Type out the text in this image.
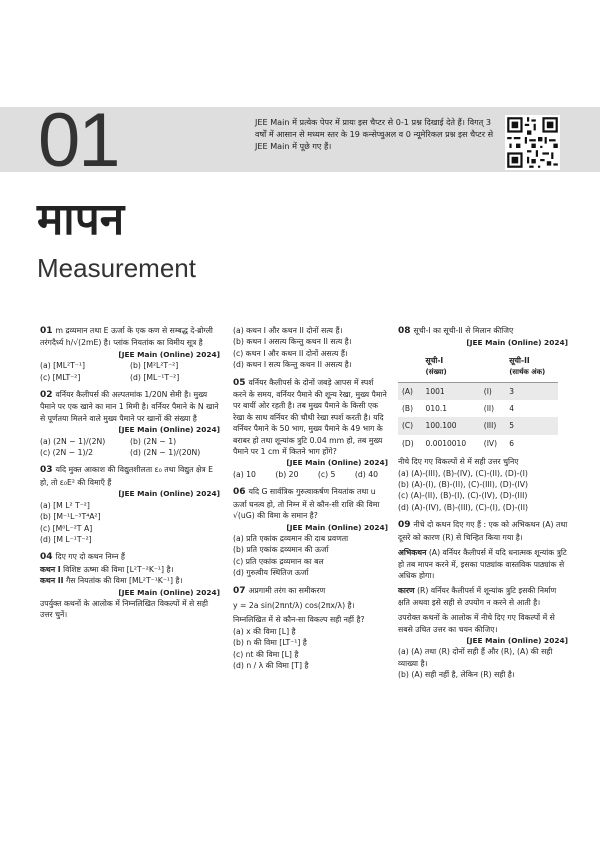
01	JEE Main में प्रत्येक पेपर में प्रायः इस चैप्टर से 0-1 प्रश्न दिखाई देते हैं। विगत् 3 वर्षों में आसान से मध्यम स्तर के 19 कन्सेप्चुअल व 0 न्यूमेरिकल प्रश्न इस चैप्टर से JEE Main में पूछे गए हैं।
मापन
Measurement
01 m द्रव्यमान तथा E ऊर्जा के एक कण से सम्बद्ध दे-ब्रोग्ली तरंगदैर्ध्य h/√(2mE) है। प्लांक नियतांक का विमीय सूत्र है
[JEE Main (Online) 2024]
(a) [ML²T⁻¹]	(b) [M²L²T⁻²]
(c) [MLT⁻²]	(d) [ML⁻¹T⁻²]
02 वर्नियर कैलीपर्स की अल्पतमांक 1/20N सेमी है। मुख्य पैमाने पर एक खाने का मान 1 मिमी है। वर्नियर पैमाने के N खाने से पूर्णतया मिलने वाले मुख्य पैमाने पर खानों की संख्या है
[JEE Main (Online) 2024]
(a) (2N − 1)/(2N)	(b) (2N − 1)
(c) (2N − 1)/2	(d) (2N − 1)/(20N)
03 यदि मुक्त आकाश की विद्युतशीलता ε₀ तथा विद्युत क्षेत्र E हो, तो ε₀E² की विमाएँ हैं
[JEE Main (Online) 2024]
(a) [M L² T⁻²]
(b) [M⁻¹L⁻³T⁴A²]
(c) [M⁰L⁻²T A]
(d) [M L⁻¹T⁻²]
04 दिए गए दो कथन निम्न हैं
कथन I विशिष्ट ऊष्मा की विमा [L²T⁻²K⁻¹] है।
कथन II गैस नियतांक की विमा [ML²T⁻¹K⁻¹] है।
[JEE Main (Online) 2024]
उपर्युक्त कथनों के आलोक में निम्नलिखित विकल्पों में से सही उत्तर चुनें।
(a) कथन I और कथन II दोनों सत्य हैं।
(b) कथन I असत्य किन्तु कथन II सत्य है।
(c) कथन I और कथन II दोनों असत्य हैं।
(d) कथन I सत्य किन्तु कथन II असत्य है।
05 वर्नियर कैलीपर्स के दोनों जबड़े आपस में स्पर्श करने के समय, वर्नियर पैमाने की शून्य रेखा, मुख्य पैमाने पर बायीं ओर रहती है। तब मुख्य पैमाने के किसी एक रेखा के साथ वर्नियर की चौथी रेखा स्पर्श करती है। यदि वर्नियर पैमाने के 50 भाग, मुख्य पैमाने के 49 भाग के बराबर हो तथा शून्यांक त्रुटि 0.04 mm हो, तब मुख्य पैमाने पर 1 cm में कितने भाग होंगे?
[JEE Main (Online) 2024]
(a) 10	(b) 20	(c) 5	(d) 40
06 यदि G सार्वत्रिक गुरुत्वाकर्षण नियतांक तथा u ऊर्जा घनत्व हो, तो निम्न में से कौन-सी राशि की विमा √(uG) की विमा के समान है?
[JEE Main (Online) 2024]
(a) प्रति एकांक द्रव्यमान की दाब प्रवणता
(b) प्रति एकांक द्रव्यमान की ऊर्जा
(c) प्रति एकांक द्रव्यमान का बल
(d) गुरुत्वीय स्थितिज ऊर्जा
07 अप्रगामी तरंग का समीकरण
y = 2a sin(2πnt/λ) cos(2πx/λ) है।
निम्नलिखित में से कौन-सा विकल्प सही नहीं है?
(a) x की विमा [L] है
(b) n की विमा [LT⁻¹] है
(c) nt की विमा [L] है
(d) n / λ की विमा [T] है
08 सूची-I का सूची-II से मिलान कीजिए
[JEE Main (Online) 2024]
	सूची-I
(संख्या)		सूची-II
(सार्थक अंक)
(A)	1001	(I)	3
(B)	010.1	(II)	4
(C)	100.100	(III)	5
(D)	0.0010010	(IV)	6
नीचे दिए गए विकल्पों से में सही उत्तर चुनिए
(a) (A)-(III), (B)-(IV), (C)-(II), (D)-(I)
(b) (A)-(I), (B)-(II), (C)-(III), (D)-(IV)
(c) (A)-(II), (B)-(I), (C)-(IV), (D)-(III)
(d) (A)-(IV), (B)-(III), (C)-(I), (D)-(II)
09 नीचे दो कथन दिए गए हैं : एक को अभिकथन (A) तथा दूसरे को कारण (R) से चिन्हित किया गया है।
अभिकथन (A) वर्नियर कैलीपर्स में यदि धनात्मक शून्यांक त्रुटि हो तब मापन करने में, इसका पाठ्यांक वास्तविक पाठ्यांक से अधिक होगा।
कारण (R) वर्नियर कैलीपर्स में शून्यांक त्रुटि इसकी निर्माण क्षति अथवा इसे सही से उपयोग न करने से आती है।
उपरोक्त कथनों के आलोक में नीचे दिए गए विकल्पों में से सबसे उचित उत्तर का चयन कीजिए।
[JEE Main (Online) 2024]
(a) (A) तथा (R) दोनों सही हैं और (R), (A) की सही व्याख्या है।
(b) (A) सही नहीं है, लेकिन (R) सही है।
